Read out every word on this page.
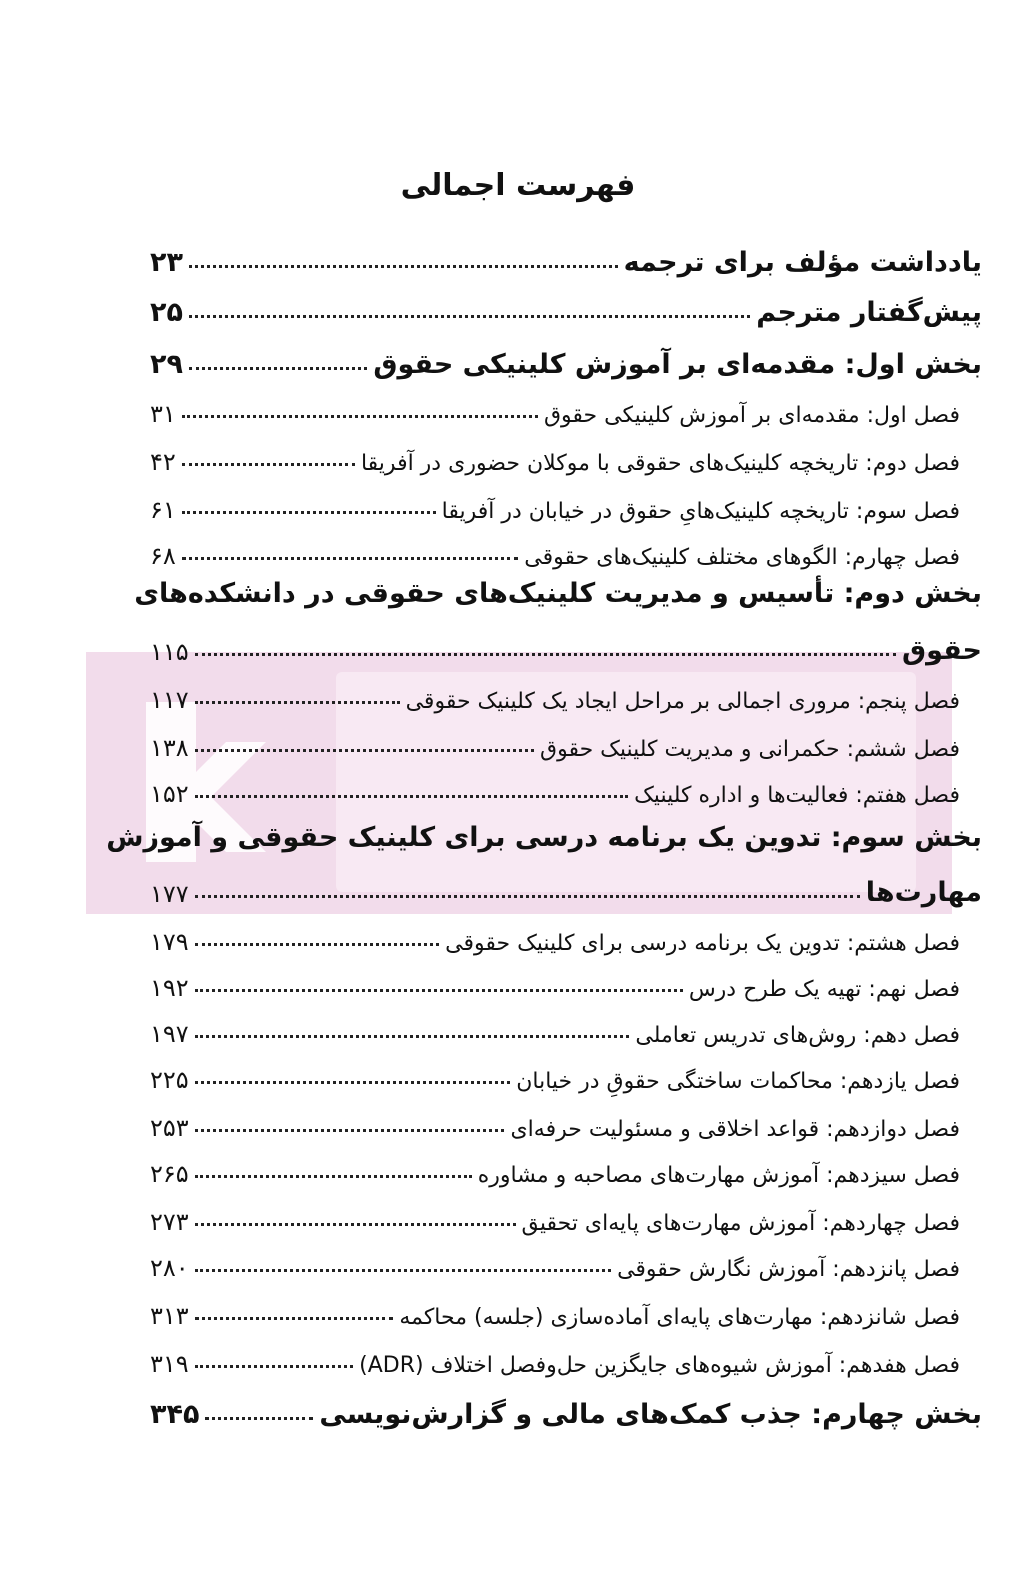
فهرست اجمالی
یادداشت مؤلف برای ترجمه
۲۳
پیش‌گفتار مترجم
۲۵
بخش اول: مقدمه‌ای بر آموزش کلینیکی حقوق
۲۹
فصل اول: مقدمه‌ای بر آموزش کلینیکی حقوق
۳۱
فصل دوم: تاریخچه کلینیک‌های حقوقی با موکلان حضوری در آفریقا
۴۲
فصل سوم: تاریخچه کلینیک‌هایِ حقوق در خیابان در آفریقا
۶۱
فصل چهارم: الگوهای مختلف کلینیک‌های حقوقی
۶۸
بخش دوم: تأسیس و مدیریت کلینیک‌های حقوقی در دانشکده‌های
حقوق
۱۱۵
فصل پنجم: مروری اجمالی بر مراحل ایجاد یک کلینیک حقوقی
۱۱۷
فصل ششم: حکمرانی و مدیریت کلینیک حقوق
۱۳۸
فصل هفتم: فعالیت‌ها و اداره کلینیک
۱۵۲
بخش سوم: تدوین یک برنامه درسی برای کلینیک حقوقی و آموزش
مهارت‌ها
۱۷۷
فصل هشتم: تدوین یک برنامه درسی برای کلینیک حقوقی
۱۷۹
فصل نهم: تهیه یک طرح درس
۱۹۲
فصل دهم: روش‌های تدریس تعاملی
۱۹۷
فصل یازدهم: محاکمات ساختگی حقوقِ در خیابان
۲۲۵
فصل دوازدهم: قواعد اخلاقی و مسئولیت حرفه‌ای
۲۵۳
فصل سیزدهم: آموزش مهارت‌های مصاحبه و مشاوره
۲۶۵
فصل چهاردهم: آموزش مهارت‌های پایه‌ای تحقیق
۲۷۳
فصل پانزدهم: آموزش نگارش حقوقی
۲۸۰
فصل شانزدهم: مهارت‌های پایه‌ای آماده‌سازی (جلسه) محاکمه
۳۱۳
فصل هفدهم: آموزش شیوه‌های جایگزین حل‌وفصل اختلاف (ADR)
۳۱۹
بخش چهارم: جذب کمک‌های مالی و گزارش‌نویسی
۳۴۵
